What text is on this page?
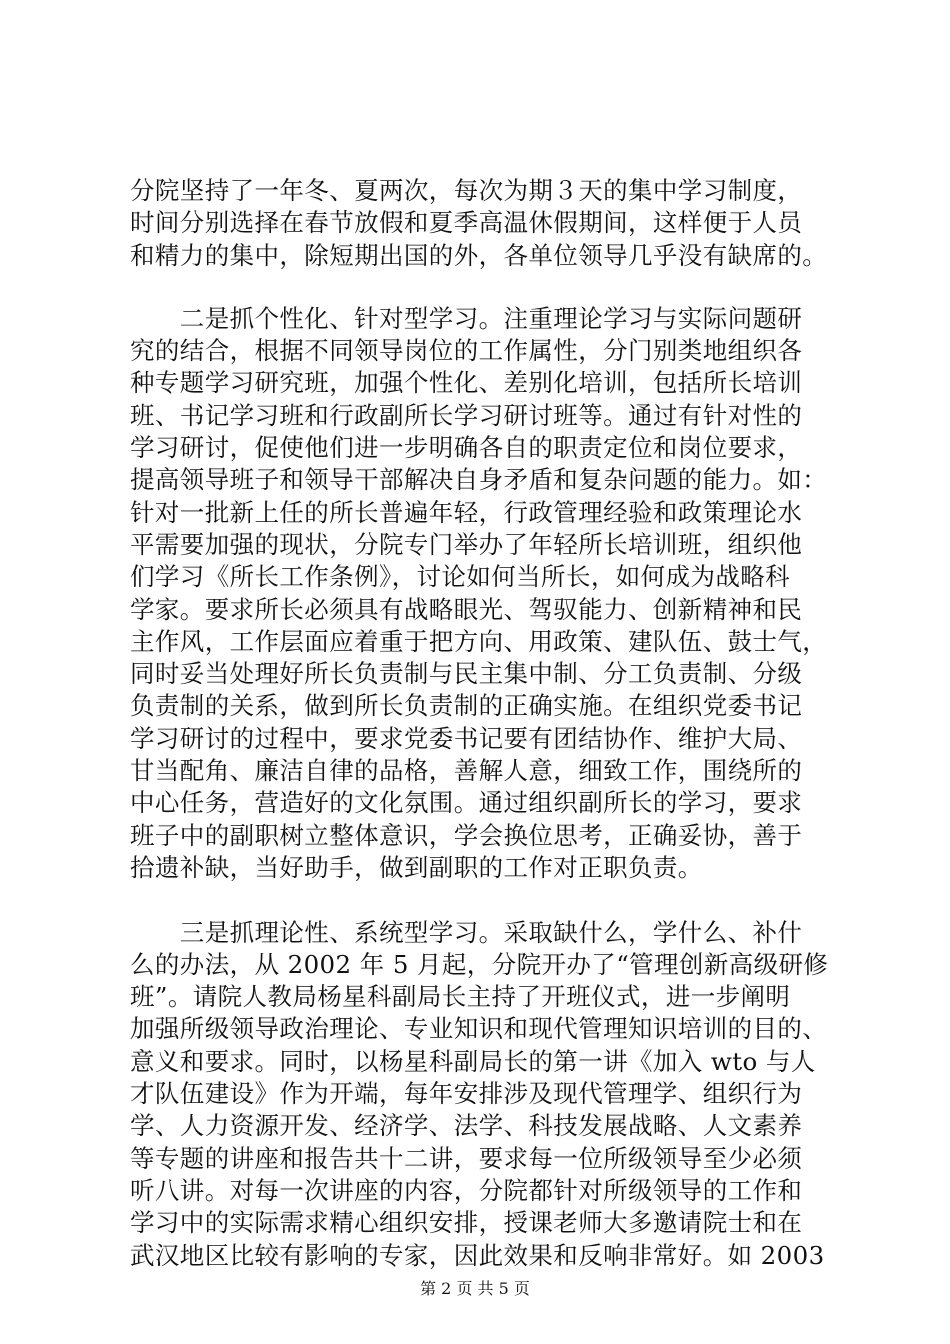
分院坚持了一年冬、夏两次，每次为期３天的集中学习制度，
时间分别选择在春节放假和夏季高温休假期间，这样便于人员
和精力的集中，除短期出国的外，各单位领导几乎没有缺席的。
　　二是抓个性化、针对型学习。注重理论学习与实际问题研
究的结合，根据不同领导岗位的工作属性，分门别类地组织各
种专题学习研究班，加强个性化、差别化培训，包括所长培训
班、书记学习班和行政副所长学习研讨班等。通过有针对性的
学习研讨，促使他们进一步明确各自的职责定位和岗位要求，
提高领导班子和领导干部解决自身矛盾和复杂问题的能力。如：
针对一批新上任的所长普遍年轻，行政管理经验和政策理论水
平需要加强的现状，分院专门举办了年轻所长培训班，组织他
们学习《所长工作条例》，讨论如何当所长，如何成为战略科
学家。要求所长必须具有战略眼光、驾驭能力、创新精神和民
主作风，工作层面应着重于把方向、用政策、建队伍、鼓士气，
同时妥当处理好所长负责制与民主集中制、分工负责制、分级
负责制的关系，做到所长负责制的正确实施。在组织党委书记
学习研讨的过程中，要求党委书记要有团结协作、维护大局、
甘当配角、廉洁自律的品格，善解人意，细致工作，围绕所的
中心任务，营造好的文化氛围。通过组织副所长的学习，要求
班子中的副职树立整体意识，学会换位思考，正确妥协，善于
拾遗补缺，当好助手，做到副职的工作对正职负责。
　　三是抓理论性、系统型学习。采取缺什么，学什么、补什
么的办法，从 2002 年 5 月起，分院开办了“管理创新高级研修
班”。请院人教局杨星科副局长主持了开班仪式，进一步阐明
加强所级领导政治理论、专业知识和现代管理知识培训的目的、
意义和要求。同时，以杨星科副局长的第一讲《加入 wto 与人
才队伍建设》作为开端，每年安排涉及现代管理学、组织行为
学、人力资源开发、经济学、法学、科技发展战略、人文素养
等专题的讲座和报告共十二讲，要求每一位所级领导至少必须
听八讲。对每一次讲座的内容，分院都针对所级领导的工作和
学习中的实际需求精心组织安排，授课老师大多邀请院士和在
武汉地区比较有影响的专家，因此效果和反响非常好。如 2003
第 2 页 共 5 页
